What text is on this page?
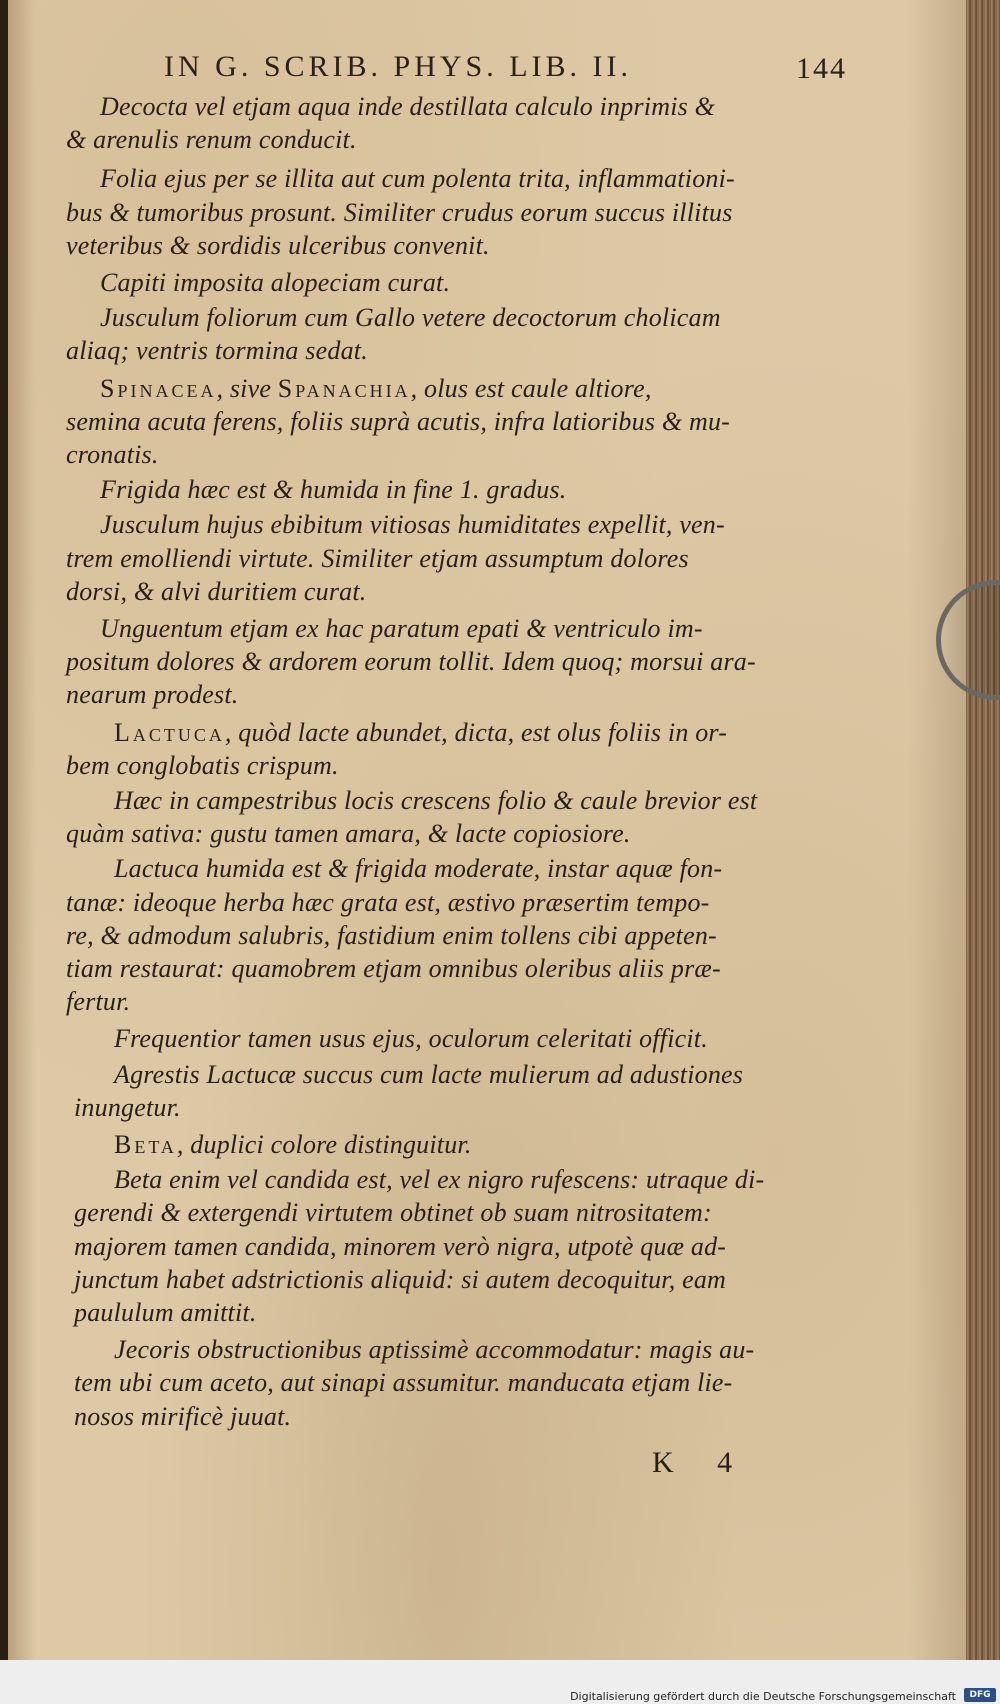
IN G. SCRIB. PHYS. LIB. II.	144
Decocta vel etjam aqua inde destillata calculo inprimis &
& arenulis renum conducit.
Folia ejus per se illita aut cum polenta trita, inflammationi-
bus & tumoribus prosunt. Similiter crudus eorum succus illitus
veteribus & sordidis ulceribus convenit.
Capiti imposita alopeciam curat.
Jusculum foliorum cum Gallo vetere decoctorum cholicam
aliaq; ventris tormina sedat.
Spinacea, sive Spanachia, olus est caule altiore,
semina acuta ferens, foliis suprà acutis, infra latioribus & mu-
cronatis.
Frigida hæc est & humida in fine 1. gradus.
Jusculum hujus ebibitum vitiosas humiditates expellit, ven-
trem emolliendi virtute. Similiter etjam assumptum dolores
dorsi, & alvi duritiem curat.
Unguentum etjam ex hac paratum epati & ventriculo im-
positum dolores & ardorem eorum tollit. Idem quoq; morsui ara-
nearum prodest.
Lactuca, quòd lacte abundet, dicta, est olus foliis in or-
bem conglobatis crispum.
Hæc in campestribus locis crescens folio & caule brevior est
quàm sativa: gustu tamen amara, & lacte copiosiore.
Lactuca humida est & frigida moderate, instar aquæ fon-
tanæ: ideoque herba hæc grata est, æstivo præsertim tempo-
re, & admodum salubris, fastidium enim tollens cibi appeten-
tiam restaurat: quamobrem etjam omnibus oleribus aliis præ-
fertur.
Frequentior tamen usus ejus, oculorum celeritati officit.
Agrestis Lactucæ succus cum lacte mulierum ad adustiones
inungetur.
Beta, duplici colore distinguitur.
Beta enim vel candida est, vel ex nigro rufescens: utraque di-
gerendi & extergendi virtutem obtinet ob suam nitrositatem:
majorem tamen candida, minorem verò nigra, utpotè quæ ad-
junctum habet adstrictionis aliquid: si autem decoquitur, eam
paululum amittit.
Jecoris obstructionibus aptissimè accommodatur: magis au-
tem ubi cum aceto, aut sinapi assumitur. manducata etjam lie-
nosos mirificè juuat.
K 4
Digitalisierung gefördert durch die Deutsche Forschungsgemeinschaft	DFG
